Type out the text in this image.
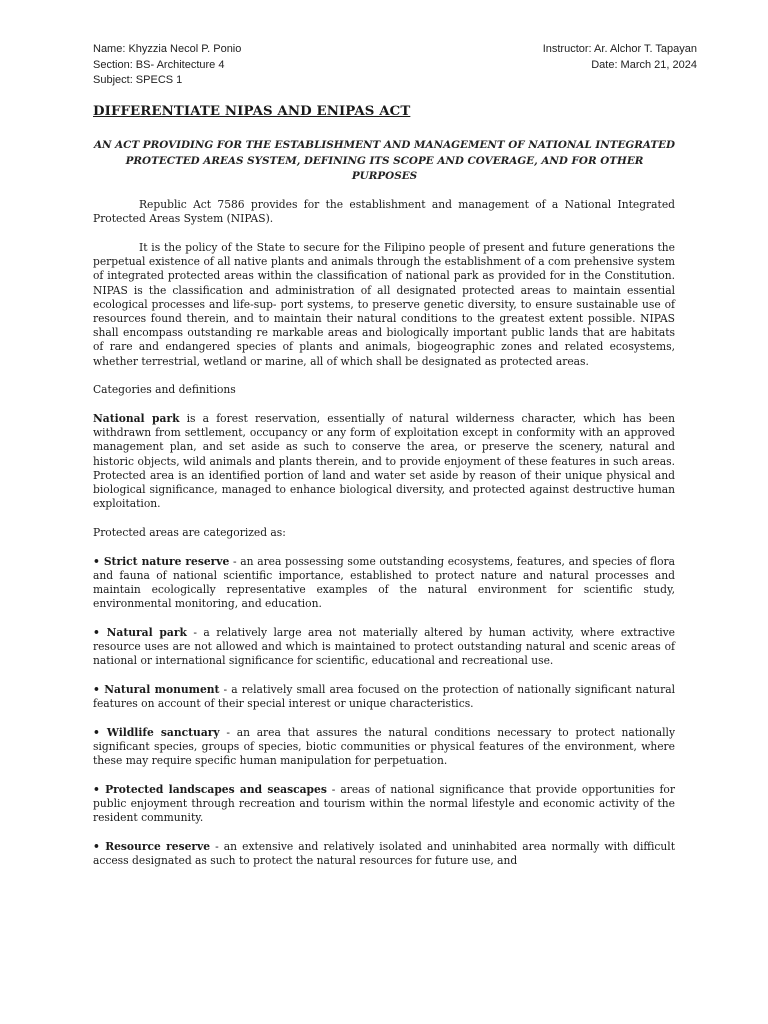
Name: Khyzzia Necol P. Ponio
Section: BS- Architecture 4
Subject: SPECS 1
Instructor: Ar. Alchor T. Tapayan
Date: March 21, 2024
DIFFERENTIATE NIPAS AND ENIPAS ACT
AN ACT PROVIDING FOR THE ESTABLISHMENT AND MANAGEMENT OF NATIONAL INTEGRATED PROTECTED AREAS SYSTEM, DEFINING ITS SCOPE AND COVERAGE, AND FOR OTHER PURPOSES

Republic Act 7586 provides for the establishment and management of a National Integrated Protected Areas System (NIPAS).

It is the policy of the State to secure for the Filipino people of present and future generations the perpetual existence of all native plants and animals through the establishment of a com prehensive system of integrated protected areas within the classification of national park as provided for in the Constitution. NIPAS is the classification and administration of all designated protected areas to maintain essential ecological processes and life-sup- port systems, to preserve genetic diversity, to ensure sustainable use of resources found therein, and to maintain their natural conditions to the greatest extent possible. NIPAS shall encompass outstanding re markable areas and biologically important public lands that are habitats of rare and endangered species of plants and animals, biogeographic zones and related ecosystems, whether terrestrial, wetland or marine, all of which shall be designated as protected areas.

Categories and definitions

National park is a forest reservation, essentially of natural wilderness character, which has been withdrawn from settlement, occupancy or any form of exploitation except in conformity with an approved management plan, and set aside as such to conserve the area, or preserve the scenery, natural and historic objects, wild animals and plants therein, and to provide enjoyment of these features in such areas. Protected area is an identified portion of land and water set aside by reason of their unique physical and biological significance, managed to enhance biological diversity, and protected against destructive human exploitation.

Protected areas are categorized as:

• Strict nature reserve - an area possessing some outstanding ecosystems, features, and species of flora and fauna of national scientific importance, established to protect nature and natural processes and maintain ecologically representative examples of the natural environment for scientific study, environmental monitoring, and education.

• Natural park - a relatively large area not materially altered by human activity, where extractive resource uses are not allowed and which is maintained to protect outstanding natural and scenic areas of national or international significance for scientific, educational and recreational use.

• Natural monument - a relatively small area focused on the protection of nationally significant natural features on account of their special interest or unique characteristics.

• Wildlife sanctuary - an area that assures the natural conditions necessary to protect nationally significant species, groups of species, biotic communities or physical features of the environment, where these may require specific human manipulation for perpetuation.

• Protected landscapes and seascapes - areas of national significance that provide opportunities for public enjoyment through recreation and tourism within the normal lifestyle and economic activity of the resident community.

• Resource reserve - an extensive and relatively isolated and uninhabited area normally with difficult access designated as such to protect the natural resources for future use, and
